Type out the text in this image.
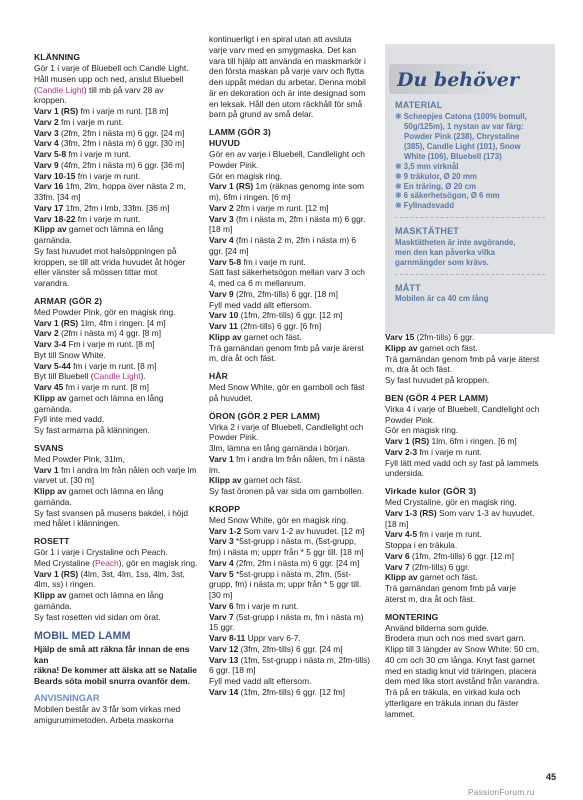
KLÄNNING
Gör 1 i varje of Bluebell och Candle Light.
Håll musen upp och ned, anslut Bluebell
(Candle Light) till mb på varv 28 av
kroppen.
Varv 1 (RS) fm i varje m runt. [18 m]
Varv 2 fm i varje m runt.
Varv 3 (2fm, 2fm i nästa m) 6 ggr. [24 m]
Varv 4 (3fm, 2fm i nästa m) 6 ggr. [30 m]
Varv 5-8 fm i varje m runt.
Varv 9 (4fm, 2fm i nästa m) 6 ggr. [36 m]
Varv 10-15 fm i varje m runt.
Varv 16 1fm, 2lm, hoppa över nästa 2 m,
33fm. [34 m]
Varv 17 1fm, 2fm i lmb, 33fm. [36 m]
Varv 18-22 fm i varje m runt.
Klipp av garnet och lämna en lång
garnända.
Sy fast huvudet mot halsöppningen på
kroppen, se till att vrida huvudet åt höger
eller vänster så mössen tittar mot
varandra.
ARMAR (GÖR 2)
Med Powder Pink, gör en magisk ring.
Varv 1 (RS) 1lm, 4fm i ringen. [4 m]
Varv 2 (2fm i nästa m) 4 ggr. [8 m]
Varv 3-4 Fm i varje m runt. [8 m]
Byt till Snow White.
Varv 5-44 fm i varje m runt. [8 m]
Byt till Bluebell (Candle Light).
Varv 45 fm i varje m runt. [8 m]
Klipp av garnet och lämna en lång
garnända.
Fyll inte med vadd.
Sy fast armarna på klänningen.
SVANS
Med Powder Pink, 31lm,
Varv 1 fm i andra lm från nålen och varje lm
varvet ut. [30 m]
Klipp av garnet och lämna en lång garnända.
Sy fast svansen på musens bakdel, i höjd
med hålet i klänningen.
ROSETT
Gör 1 i varje i Crystaline och Peach.
Med Crystaline (Peach), gör en magisk ring.
Varv 1 (RS) (4lm, 3st, 4lm, 1ss, 4lm, 3st,
4lm, ss) i ringen.
Klipp av garnet och lämna en lång
garnända.
Sy fast rosetten vid sidan om örat.
MOBIL MED LAMM
Hjälp de små att räkna får innan de ens kan
räkna! De kommer att älska att se Natalie
Beards söta mobil snurra ovanför dem.
ANVISNINGAR
Mobilen består av 3 får som virkas med
amigurumimetoden. Arbeta maskorna
kontinuerligt i en spiral utan att avsluta
varje varv med en smygmaska. Det kan
vara till hjälp att använda en maskmarkör i
den första maskan på varje varv och flytta
den uppåt medan du arbetar. Denna mobil
är en dekoration och är inte designad som
en leksak. Håll den utom räckhåll för små
barn på grund av små delar.
LAMM (GÖR 3)
HUVUD
Gör en av varje i Bluebell, Candlelight och
Powder Pink.
Gör en magisk ring.
Varv 1 (RS) 1m (räknas genomg inte som
m), 6fm i ringen. [6 m]
Varv 2 2fm i varje m runt. [12 m]
Varv 3 (fm i nästa m, 2fm i nästa m) 6 ggr.
[18 m]
Varv 4 (fm i nästa 2 m, 2fm i nästa m) 6
ggr. [24 m]
Varv 5-8 fm i varje m runt.
Sätt fast säkerhetsögon mellan varv 3 och
4, med ca 6 m mellanrum.
Varv 9 (2fm, 2fm-tills) 6 ggr. [18 m]
Fyll med vadd allt eftersom.
Varv 10 (1fm, 2fm-tills) 6 ggr. [12 m]
Varv 11 (2fm-tills) 6 ggr. [6 fm]
Klipp av garnet och fäst.
Trä garnändan genom fmb på varje ärerst
m, dra åt och fäst.
HÅR
Med Snow White, gör en garnboll och fäst
på huvudet.
ÖRON (GÖR 2 PER LAMM)
Virka 2 i varje of Bluebell, Candlelight och
Powder Pink.
3lm, lämna en lång garnända i början.
Varv 1 fm i andra lm från nålen, fm i nästa lm.
Klipp av garnet och fäst.
Sy fast öronen på var sida om garnbollen.
KROPP
Med Snow White, gör en magisk ring.
Varv 1-2 Som varv 1-2 av huvudet. [12 m]
Varv 3 *5st-grupp i nästa m, (5st-grupp,
fm) i nästa m; upprr från * 5 ggr till. [18 m]
Varv 4 (2fm, 2fm i nästa m) 6 ggr. [24 m]
Varv 5 *5st-grupp i nästa m, 2fm, (5st-
grupp, fm) i nästa m; uppr från * 5 ggr till.
[30 m]
Varv 6 fm i varje m runt.
Varv 7 (5st-grupp i nästa m, fm i nästa m)
15 ggr.
Varv 8-11 Uppr varv 6-7.
Varv 12 (3fm, 2fm-tills) 6 ggr. [24 m]
Varv 13 (1fm, 5st-grupp i nästa m, 2fm-tills)
6 ggr. [18 m]
Fyll med vadd allt eftersom.
Varv 14 (1fm, 2fm-tills) 6 ggr. [12 fm]
Du behöver
MATERIAL
❋ Scheepjes Catona (100% bomull,
50g/125m), 1 nystan av var färg:
Powder Pink (238), Chrystaline
(385), Candle Light (101), Snow
White (106), Bluebell (173)
❋ 3,5 mm virknål
❋ 9 träkulor, Ø 20 mm
❋ En träring, Ø 20 cm
❋ 6 säkerhetsögon, Ø 6 mm
❋ Fyllnadsvadd
MASKTÄTHET
Masktätheten är inte avgörande,
men den kan påverka vilka
garnmängder som krävs.
MÅTT
Mobilen är ca 40 cm lång
Varv 15 (2fm-tills) 6 ggr.
Klipp av garnet och fäst.
Trä garnändan genom fmb på varje äterst
m, dra åt och fäst.
Sy fast huvudet på kroppen.
BEN (GÖR 4 PER LAMM)
Virka 4 i varje of Bluebell, Candlelight och
Powder Pink.
Gör en magisk ring.
Varv 1 (RS) 1lm, 6fm i ringen. [6 m]
Varv 2-3 fm i varje m runt.
Fyll lätt med vadd och sy fast på lammets
undersida.
Virkade kulor (GÖR 3)
Med Crystaline, gör en magisk ring.
Varv 1-3 (RS) Som varv 1-3 av huvudet.
[18 m]
Varv 4-5 fm i varje m runt.
Stoppa i en träkula.
Varv 6 (1fm, 2fm-tills) 6 ggr. [12 m]
Varv 7 (2fm-tills) 6 ggr.
Klipp av garnet och fäst.
Trä garnändan genom fmb på varje
äterst m, dra åt och fäst.
MONTERING
Använd bilderna som guide.
Brodera mun och nos med svart garn.
Klipp till 3 längder av Snow White: 50 cm,
40 cm och 30 cm långa. Knyt fast garnet
med en stadig knut vid träringen, placera
dem med lika stort avstånd från varandra.
Trä på en träkula, en virkad kula och
ytterligare en träkula innan du fäster
lammet.
45
PassionForum.ru
